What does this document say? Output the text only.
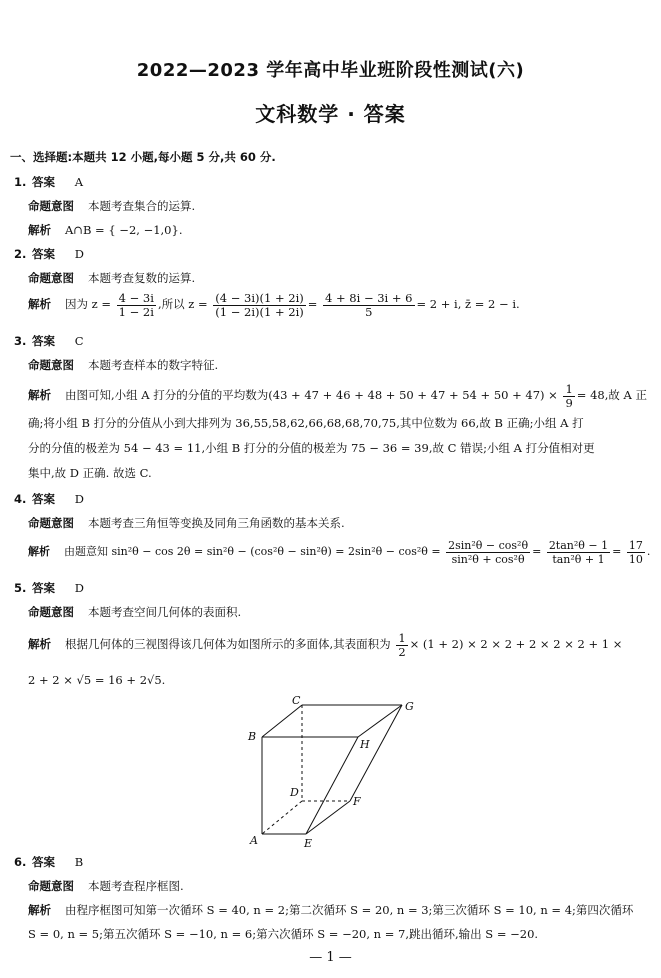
2022—2023 学年高中毕业班阶段性测试(六)
文科数学 · 答案
一、选择题:本题共 12 小题,每小题 5 分,共 60 分.
1. 答案 A
命题意图 本题考查集合的运算.
解析 A∩B = { −2, −1,0}.
2. 答案 D
命题意图 本题考查复数的运算.
解析 因为 $z = \frac{4 - 3i}{1 - 2i}$ ,所以 $z = \frac{(4 - 3i)(1 + 2i)}{(1 - 2i)(1 + 2i)} = \frac{4 + 8i - 3i + 6}{5} = 2 + i$, z̄ = 2 − i.
3. 答案 C
命题意图 本题考查样本的数字特征.
解析 由图可知,小组 A 打分的分值的平均数为$(43 + 47 + 46 + 48 + 50 + 47 + 54 + 50 + 47) \times \frac{1}{9} = 48$,故 A 正
确;将小组 B 打分的分值从小到大排列为 36,55,58,62,66,68,68,70,75,其中位数为 66,故 B 正确;小组 A 打
分的分值的极差为 54 − 43 = 11,小组 B 打分的分值的极差为 75 − 36 = 39,故 C 错误;小组 A 打分值相对更
集中,故 D 正确. 故选 C.
4. 答案 D
命题意图 本题考查三角恒等变换及同角三角函数的基本关系.
解析 由题意知 $\sin^2\theta - \cos 2\theta = \sin^2\theta - (\cos^2\theta - \sin^2\theta) = 2\sin^2\theta - \cos^2\theta = \frac{\text{2sin²θ − cos²θ}}{\text{sin²θ + cos²θ}} = \frac{\text{2tan²θ − 1}}{\text{tan²θ + 1}} = \frac{17}{10}$ .
5. 答案 D
命题意图 本题考查空间几何体的表面积.
解析 根据几何体的三视图得该几何体为如图所示的多面体,其表面积为 $\frac{1}{2} \times (1 + 2) \times 2 \times 2 + 2 \times 2 \times 2 + 1$ ×
2 + 2 × √5 = 16 + 2√5.
A
B
C
D
E
F
G
H
6. 答案 B
命题意图 本题考查程序框图.
解析 由程序框图可知第一次循环 S = 40, n = 2;第二次循环 S = 20, n = 3;第三次循环 S = 10, n = 4;第四次循环
S = 0, n = 5;第五次循环 S = −10, n = 6;第六次循环 S = −20, n = 7,跳出循环,输出 S = −20.
— 1 —
